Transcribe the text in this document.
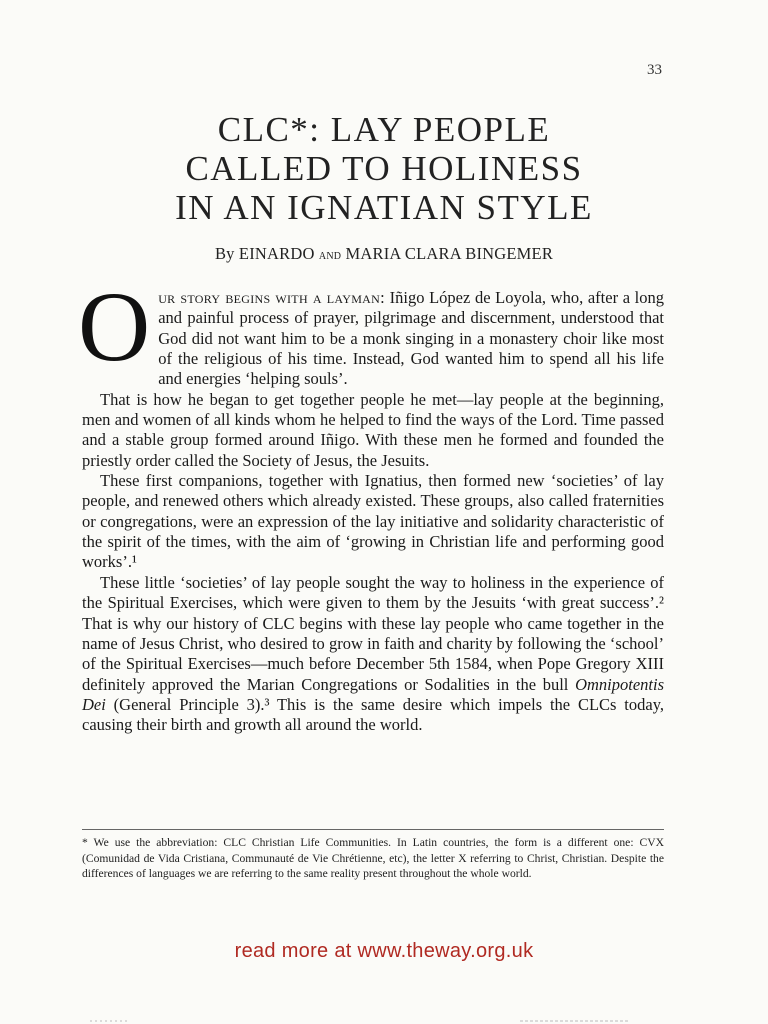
33
CLC*: LAY PEOPLE
CALLED TO HOLINESS
IN AN IGNATIAN STYLE
By EINARDO and MARIA CLARA BINGEMER

Our story begins with a layman: Iñigo López de Loyola, who, after a long and painful process of prayer, pilgrimage and discernment, understood that God did not want him to be a monk singing in a monastery choir like most of the religious of his time. Instead, God wanted him to spend all his life and energies ‘helping souls’.

That is how he began to get together people he met—lay people at the beginning, men and women of all kinds whom he helped to find the ways of the Lord. Time passed and a stable group formed around Iñigo. With these men he formed and founded the priestly order called the Society of Jesus, the Jesuits.

These first companions, together with Ignatius, then formed new ‘societies’ of lay people, and renewed others which already existed. These groups, also called fraternities or congregations, were an expression of the lay initiative and solidarity characteristic of the spirit of the times, with the aim of ‘growing in Christian life and performing good works’.¹

These little ‘societies’ of lay people sought the way to holiness in the experience of the Spiritual Exercises, which were given to them by the Jesuits ‘with great success’.² That is why our history of CLC begins with these lay people who came together in the name of Jesus Christ, who desired to grow in faith and charity by following the ‘school’ of the Spiritual Exercises—much before December 5th 1584, when Pope Gregory XIII definitely approved the Marian Congregations or Sodalities in the bull Omnipotentis Dei (General Principle 3).³ This is the same desire which impels the CLCs today, causing their birth and growth all around the world.

* We use the abbreviation: CLC Christian Life Communities. In Latin countries, the form is a different one: CVX (Comunidad de Vida Cristiana, Communauté de Vie Chrétienne, etc), the letter X referring to Christ, Christian. Despite the differences of languages we are referring to the same reality present throughout the whole world.
read more at www.theway.org.uk
